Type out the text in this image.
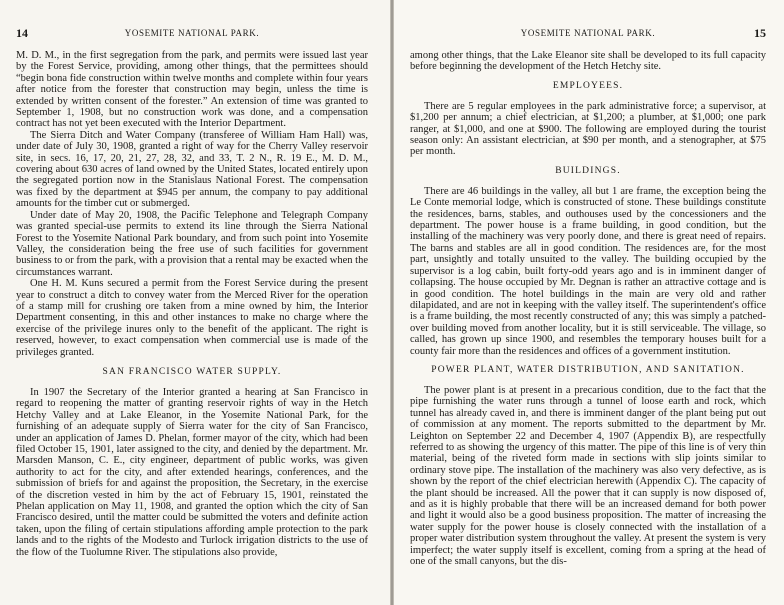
14	YOSEMITE NATIONAL PARK.

M. D. M., in the first segregation from the park, and permits were issued last year by the Forest Service, providing, among other things, that the permittees should “begin bona fide construction within twelve months and complete within four years after notice from the forester that construction may begin, unless the time is extended by written consent of the forester.” An extension of time was granted to September 1, 1908, but no construction work was done, and a compensation contract has not yet been executed with the Interior Department.

The Sierra Ditch and Water Company (transferee of William Ham Hall) was, under date of July 30, 1908, granted a right of way for the Cherry Valley reservoir site, in secs. 16, 17, 20, 21, 27, 28, 32, and 33, T. 2 N., R. 19 E., M. D. M., covering about 630 acres of land owned by the United States, located entirely upon the segregated portion now in the Stanislaus National Forest. The compensation was fixed by the department at $945 per annum, the company to pay additional amounts for the timber cut or submerged.

Under date of May 20, 1908, the Pacific Telephone and Telegraph Company was granted special-use permits to extend its line through the Sierra National Forest to the Yosemite National Park boundary, and from such point into Yosemite Valley, the consideration being the free use of such facilities for government business to or from the park, with a provision that a rental may be exacted when the circumstances warrant.

One H. M. Kuns secured a permit from the Forest Service during the present year to construct a ditch to convey water from the Merced River for the operation of a stamp mill for crushing ore taken from a mine owned by him, the Interior Department consenting, in this and other instances to make no charge where the exercise of the privilege inures only to the benefit of the applicant. The right is reserved, however, to exact compensation when commercial use is made of the privileges granted.

SAN FRANCISCO WATER SUPPLY.

In 1907 the Secretary of the Interior granted a hearing at San Francisco in regard to reopening the matter of granting reservoir rights of way in the Hetch Hetchy Valley and at Lake Eleanor, in the Yosemite National Park, for the furnishing of an adequate supply of Sierra water for the city of San Francisco, under an application of James D. Phelan, former mayor of the city, which had been filed October 15, 1901, later assigned to the city, and denied by the department. Mr. Marsden Manson, C. E., city engineer, department of public works, was given authority to act for the city, and after extended hearings, conferences, and the submission of briefs for and against the proposition, the Secretary, in the exercise of the discretion vested in him by the act of February 15, 1901, reinstated the Phelan application on May 11, 1908, and granted the option which the city of San Francisco desired, until the matter could be submitted the voters and definite action taken, upon the filing of certain stipulations affording ample protection to the park lands and to the rights of the Modesto and Turlock irrigation districts to the use of the flow of the Tuolumne River. The stipulations also provide,

YOSEMITE NATIONAL PARK.	15

among other things, that the Lake Eleanor site shall be developed to its full capacity before beginning the development of the Hetch Hetchy site.

EMPLOYEES.

There are 5 regular employees in the park administrative force; a supervisor, at $1,200 per annum; a chief electrician, at $1,200; a plumber, at $1,000; one park ranger, at $1,000, and one at $900. The following are employed during the tourist season only: An assistant electrician, at $90 per month, and a stenographer, at $75 per month.

BUILDINGS.

There are 46 buildings in the valley, all but 1 are frame, the exception being the Le Conte memorial lodge, which is constructed of stone. These buildings constitute the residences, barns, stables, and outhouses used by the concessioners and the department. The power house is a frame building, in good condition, but the installing of the machinery was very poorly done, and there is great need of repairs. The barns and stables are all in good condition. The residences are, for the most part, unsightly and totally unsuited to the valley. The building occupied by the supervisor is a log cabin, built forty-odd years ago and is in imminent danger of collapsing. The house occupied by Mr. Degnan is rather an attractive cottage and is in good condition. The hotel buildings in the main are very old and rather dilapidated, and are not in keeping with the valley itself. The superintendent's office is a frame building, the most recently constructed of any; this was simply a patched-over building moved from another locality, but it is still serviceable. The village, so called, has grown up since 1900, and resembles the temporary houses built for a county fair more than the residences and offices of a government institution.

POWER PLANT, WATER DISTRIBUTION, AND SANITATION.

The power plant is at present in a precarious condition, due to the fact that the pipe furnishing the water runs through a tunnel of loose earth and rock, which tunnel has already caved in, and there is imminent danger of the plant being put out of commission at any moment. The reports submitted to the department by Mr. Leighton on September 22 and December 4, 1907 (Appendix B), are respectfully referred to as showing the urgency of this matter. The pipe of this line is of very thin material, being of the riveted form made in sections with slip joints similar to ordinary stove pipe. The installation of the machinery was also very defective, as is shown by the report of the chief electrician herewith (Appendix C). The capacity of the plant should be increased. All the power that it can supply is now disposed of, and as it is highly probable that there will be an increased demand for both power and light it would also be a good business proposition. The matter of increasing the water supply for the power house is closely connected with the installation of a proper water distribution system throughout the valley. At present the system is very imperfect; the water supply itself is excellent, coming from a spring at the head of one of the small canyons, but the dis-
